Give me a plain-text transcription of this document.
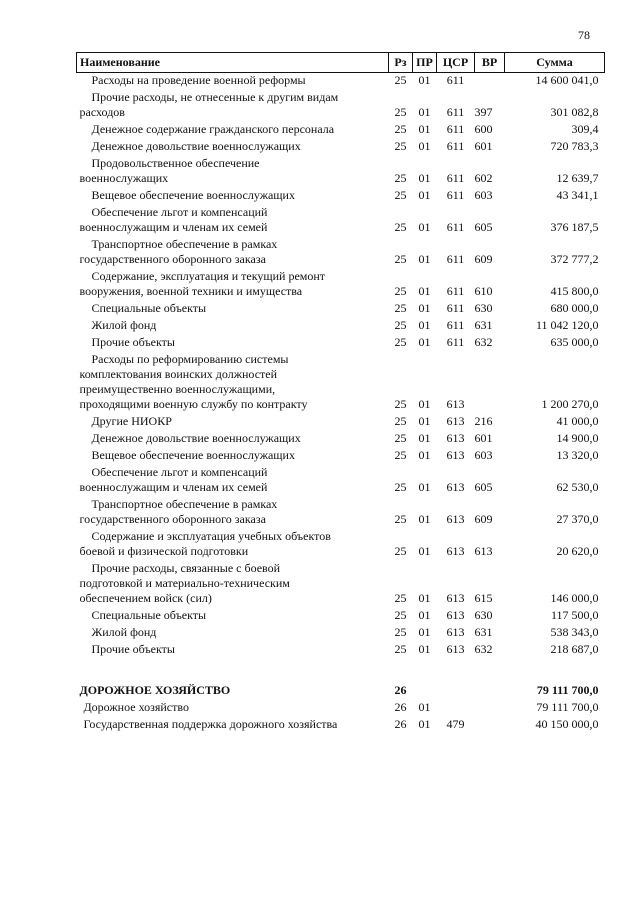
78
Наименование	Рз	ПР	ЦСР	ВР	Сумма
Расходы на проведение военной реформы	25	01	611		14 600 041,0
Прочие расходы, не отнесенные к другим видам
расходов	25	01	611	397	301 082,8
Денежное содержание гражданского персонала	25	01	611	600	309,4
Денежное довольствие военнослужащих	25	01	611	601	720 783,3
Продовольственное обеспечение
военнослужащих	25	01	611	602	12 639,7
Вещевое обеспечение военнослужащих	25	01	611	603	43 341,1
Обеспечение льгот и компенсаций
военнослужащим и членам их семей	25	01	611	605	376 187,5
Транспортное обеспечение в рамках
государственного оборонного заказа	25	01	611	609	372 777,2
Содержание, эксплуатация и текущий ремонт
вооружения, военной техники и имущества	25	01	611	610	415 800,0
Специальные объекты	25	01	611	630	680 000,0
Жилой фонд	25	01	611	631	11 042 120,0
Прочие объекты	25	01	611	632	635 000,0
Расходы по реформированию системы
комплектования воинских должностей
преимущественно военнослужащими,
проходящими военную службу по контракту	25	01	613		1 200 270,0
Другие НИОКР	25	01	613	216	41 000,0
Денежное довольствие военнослужащих	25	01	613	601	14 900,0
Вещевое обеспечение военнослужащих	25	01	613	603	13 320,0
Обеспечение льгот и компенсаций
военнослужащим и членам их семей	25	01	613	605	62 530,0
Транспортное обеспечение в рамках
государственного оборонного заказа	25	01	613	609	27 370,0
Содержание и эксплуатация учебных объектов
боевой и физической подготовки	25	01	613	613	20 620,0
Прочие расходы, связанные с боевой
подготовкой и материально-техническим
обеспечением войск (сил)	25	01	613	615	146 000,0
Специальные объекты	25	01	613	630	117 500,0
Жилой фонд	25	01	613	631	538 343,0
Прочие объекты	25	01	613	632	218 687,0

ДОРОЖНОЕ ХОЗЯЙСТВО	26				79 111 700,0
Дорожное хозяйство	26	01			79 111 700,0
Государственная поддержка дорожного хозяйства	26	01	479		40 150 000,0
